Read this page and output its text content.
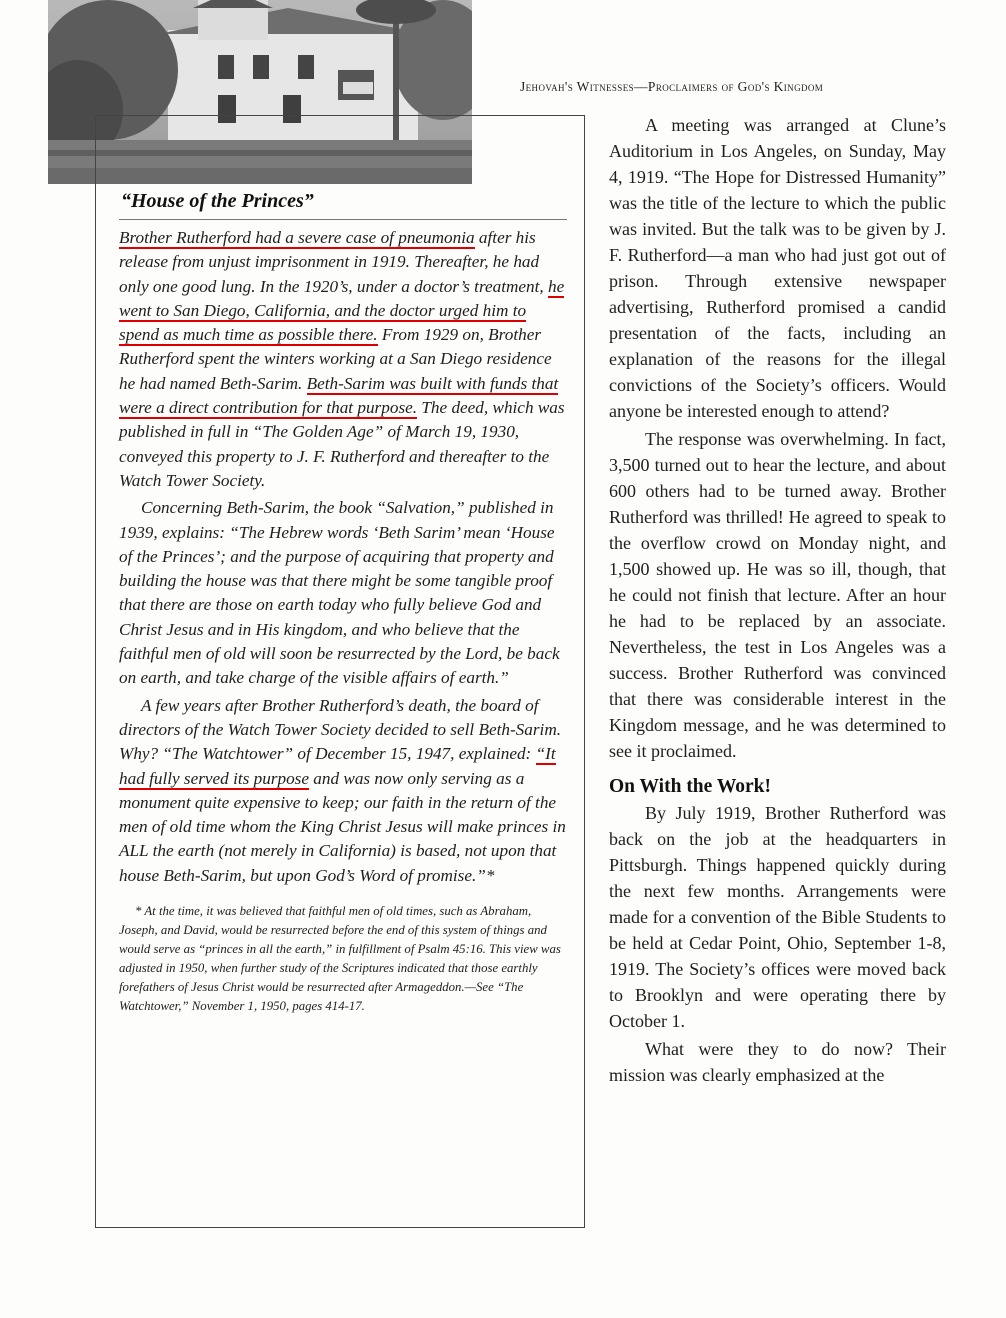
Jehovah's Witnesses—Proclaimers of God's Kingdom
“House of the Princes”

Brother Rutherford had a severe case of pneumonia after his release from unjust imprisonment in 1919. Thereafter, he had only one good lung. In the 1920’s, under a doctor’s treatment, he went to San Diego, California, and the doctor urged him to spend as much time as possible there. From 1929 on, Brother Rutherford spent the winters working at a San Diego residence he had named Beth-Sarim. Beth-Sarim was built with funds that were a direct contribution for that purpose. The deed, which was published in full in “The Golden Age” of March 19, 1930, conveyed this property to J. F. Rutherford and thereafter to the Watch Tower Society.

Concerning Beth-Sarim, the book “Salvation,” published in 1939, explains: “The Hebrew words ‘Beth Sarim’ mean ‘House of the Princes’; and the purpose of acquiring that property and building the house was that there might be some tangible proof that there are those on earth today who fully believe God and Christ Jesus and in His kingdom, and who believe that the faithful men of old will soon be resurrected by the Lord, be back on earth, and take charge of the visible affairs of earth.”

A few years after Brother Rutherford’s death, the board of directors of the Watch Tower Society decided to sell Beth-Sarim. Why? “The Watchtower” of December 15, 1947, explained: “It had fully served its purpose and was now only serving as a monument quite expensive to keep; our faith in the return of the men of old time whom the King Christ Jesus will make princes in ALL the earth (not merely in California) is based, not upon that house Beth-Sarim, but upon God’s Word of promise.”*

* At the time, it was believed that faithful men of old times, such as Abraham, Joseph, and David, would be resurrected before the end of this system of things and would serve as “princes in all the earth,” in fulfillment of Psalm 45:16. This view was adjusted in 1950, when further study of the Scriptures indicated that those earthly forefathers of Jesus Christ would be resurrected after Armageddon.—See “The Watchtower,” November 1, 1950, pages 414-17.

A meeting was arranged at Clune’s Auditorium in Los Angeles, on Sunday, May 4, 1919. “The Hope for Distressed Humanity” was the title of the lecture to which the public was invited. But the talk was to be given by J. F. Rutherford—a man who had just got out of prison. Through extensive newspaper advertising, Rutherford promised a candid presentation of the facts, including an explanation of the reasons for the illegal convictions of the Society’s officers. Would anyone be interested enough to attend?

The response was overwhelming. In fact, 3,500 turned out to hear the lecture, and about 600 others had to be turned away. Brother Rutherford was thrilled! He agreed to speak to the overflow crowd on Monday night, and 1,500 showed up. He was so ill, though, that he could not finish that lecture. After an hour he had to be replaced by an associate. Nevertheless, the test in Los Angeles was a success. Brother Rutherford was convinced that there was considerable interest in the Kingdom message, and he was determined to see it proclaimed.

On With the Work!

By July 1919, Brother Rutherford was back on the job at the headquarters in Pittsburgh. Things happened quickly during the next few months. Arrangements were made for a convention of the Bible Students to be held at Cedar Point, Ohio, September 1-8, 1919. The Society’s offices were moved back to Brooklyn and were operating there by October 1.

What were they to do now? Their mission was clearly emphasized at the
